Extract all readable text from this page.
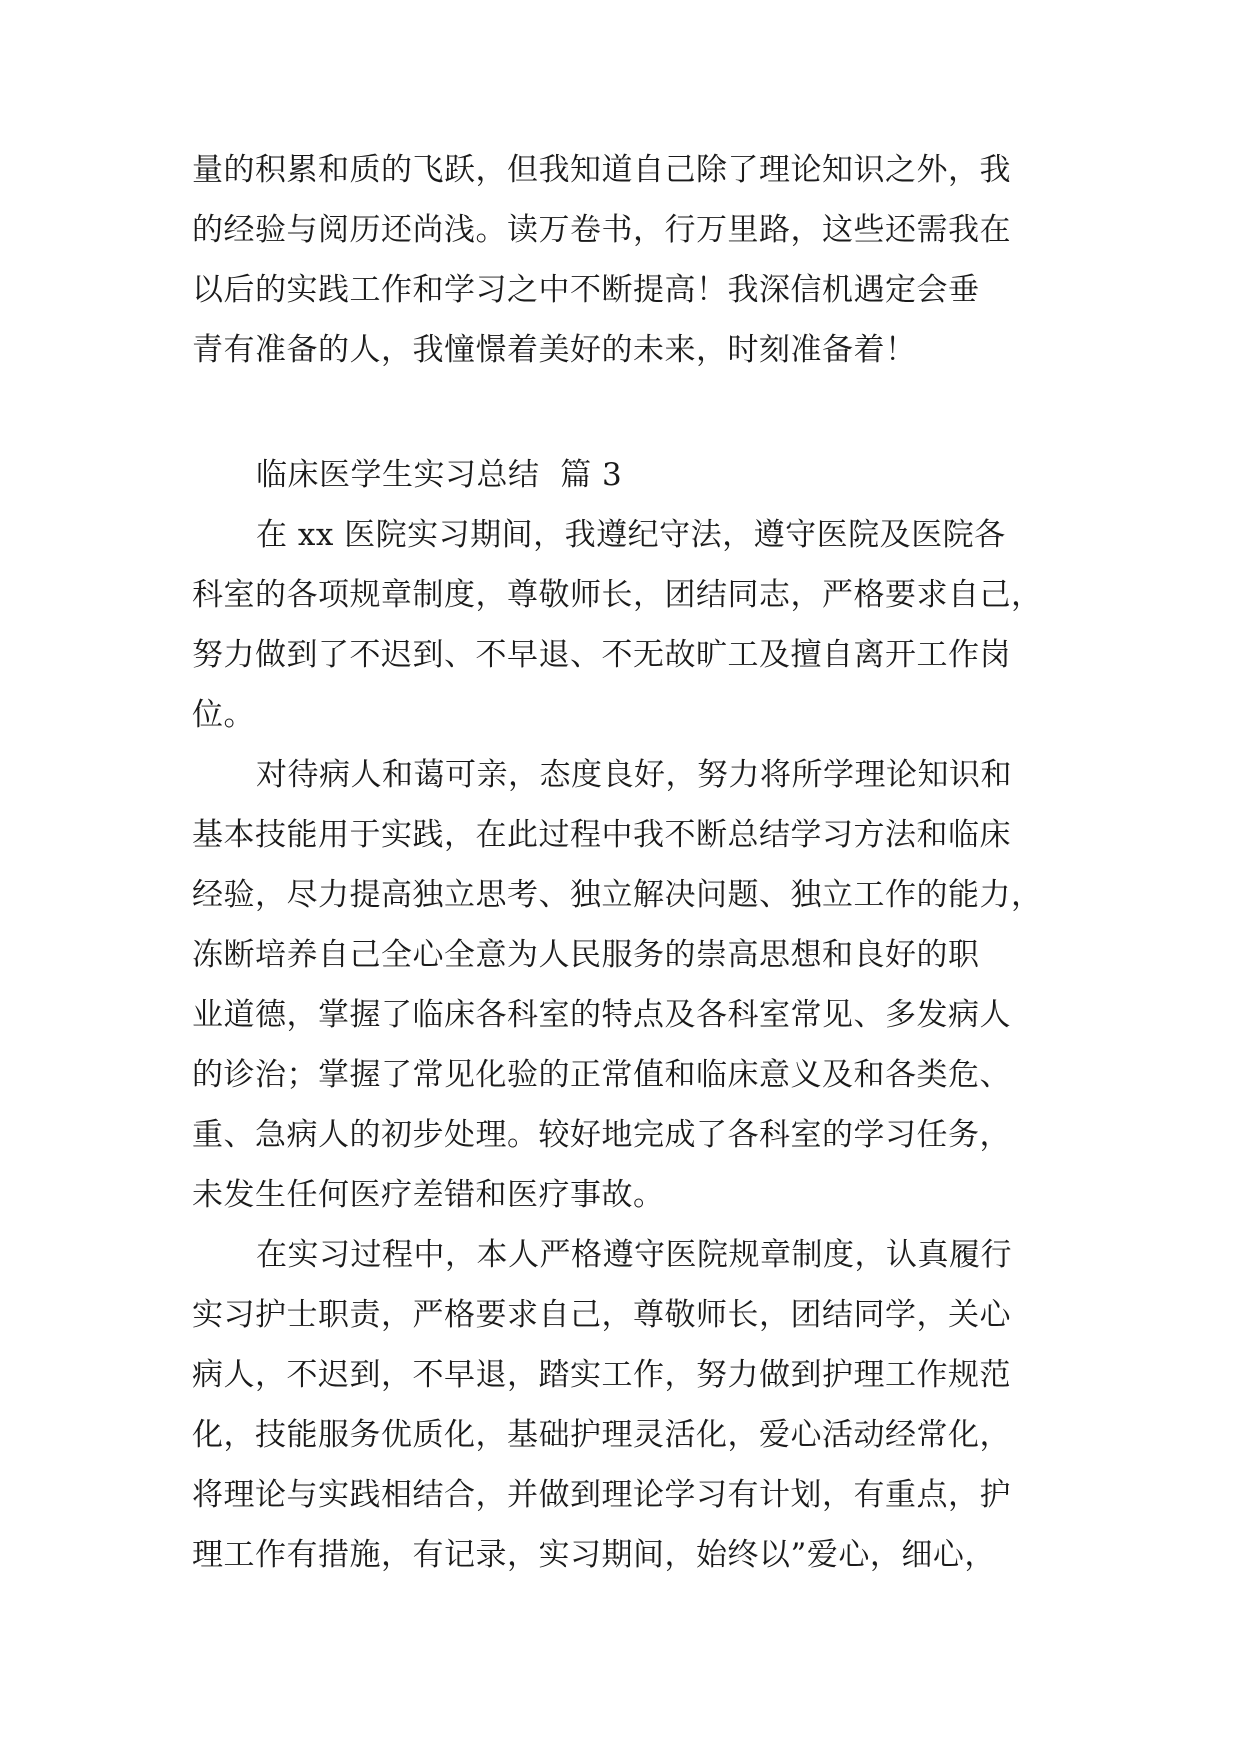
量的积累和质的飞跃，但我知道自己除了理论知识之外，我
的经验与阅历还尚浅。读万卷书，行万里路，这些还需我在
以后的实践工作和学习之中不断提高！我深信机遇定会垂
青有准备的人，我憧憬着美好的未来，时刻准备着！
临床医学生实习总结  篇 3
在 xx 医院实习期间，我遵纪守法，遵守医院及医院各
科室的各项规章制度，尊敬师长，团结同志，严格要求自己，
努力做到了不迟到、不早退、不无故旷工及擅自离开工作岗
位。
对待病人和蔼可亲，态度良好，努力将所学理论知识和
基本技能用于实践，在此过程中我不断总结学习方法和临床
经验，尽力提高独立思考、独立解决问题、独立工作的能力，
冻断培养自己全心全意为人民服务的崇高思想和良好的职
业道德，掌握了临床各科室的特点及各科室常见、多发病人
的诊治；掌握了常见化验的正常值和临床意义及和各类危、
重、急病人的初步处理。较好地完成了各科室的学习任务，
未发生任何医疗差错和医疗事故。
在实习过程中，本人严格遵守医院规章制度，认真履行
实习护士职责，严格要求自己，尊敬师长，团结同学，关心
病人，不迟到，不早退，踏实工作，努力做到护理工作规范
化，技能服务优质化，基础护理灵活化，爱心活动经常化，
将理论与实践相结合，并做到理论学习有计划，有重点，护
理工作有措施，有记录，实习期间，始终以”爱心，细心，
